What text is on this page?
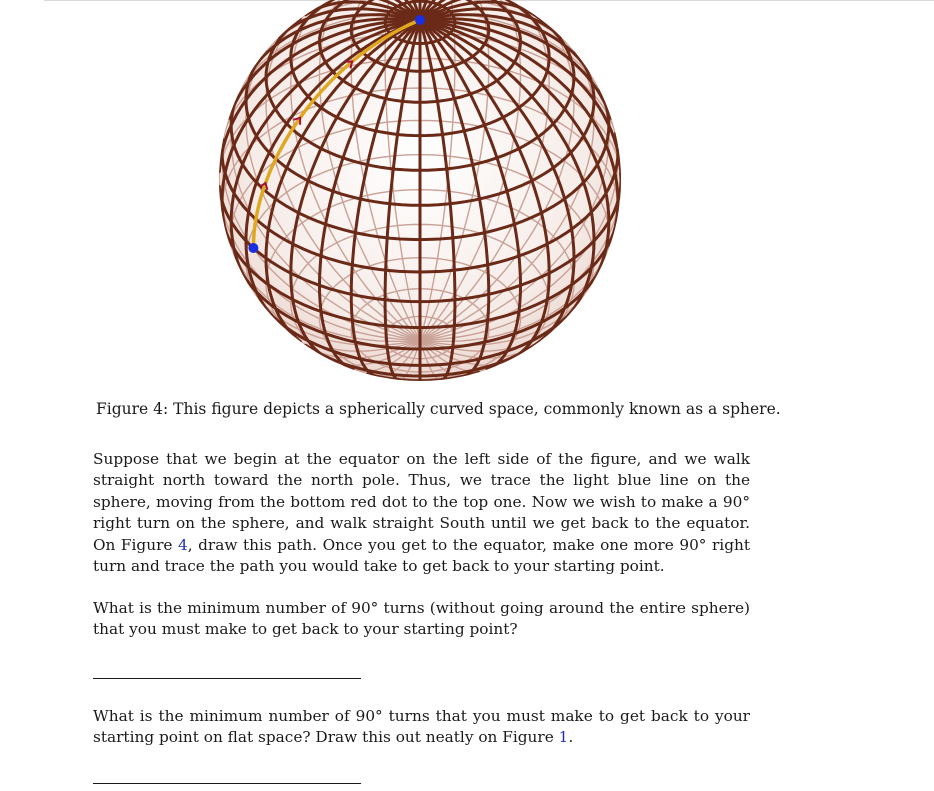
Figure 4: This figure depicts a spherically curved space, commonly known as a sphere.

Suppose that we begin at the equator on the left side of the figure, and we walk straight north toward the north pole. Thus, we trace the light blue line on the sphere, moving from the bottom red dot to the top one. Now we wish to make a 90° right turn on the sphere, and walk straight South until we get back to the equator. On Figure 4, draw this path. Once you get to the equator, make one more 90° right turn and trace the path you would take to get back to your starting point.

What is the minimum number of 90° turns (without going around the entire sphere) that you must make to get back to your starting point?

What is the minimum number of 90° turns that you must make to get back to your starting point on flat space? Draw this out neatly on Figure 1.
